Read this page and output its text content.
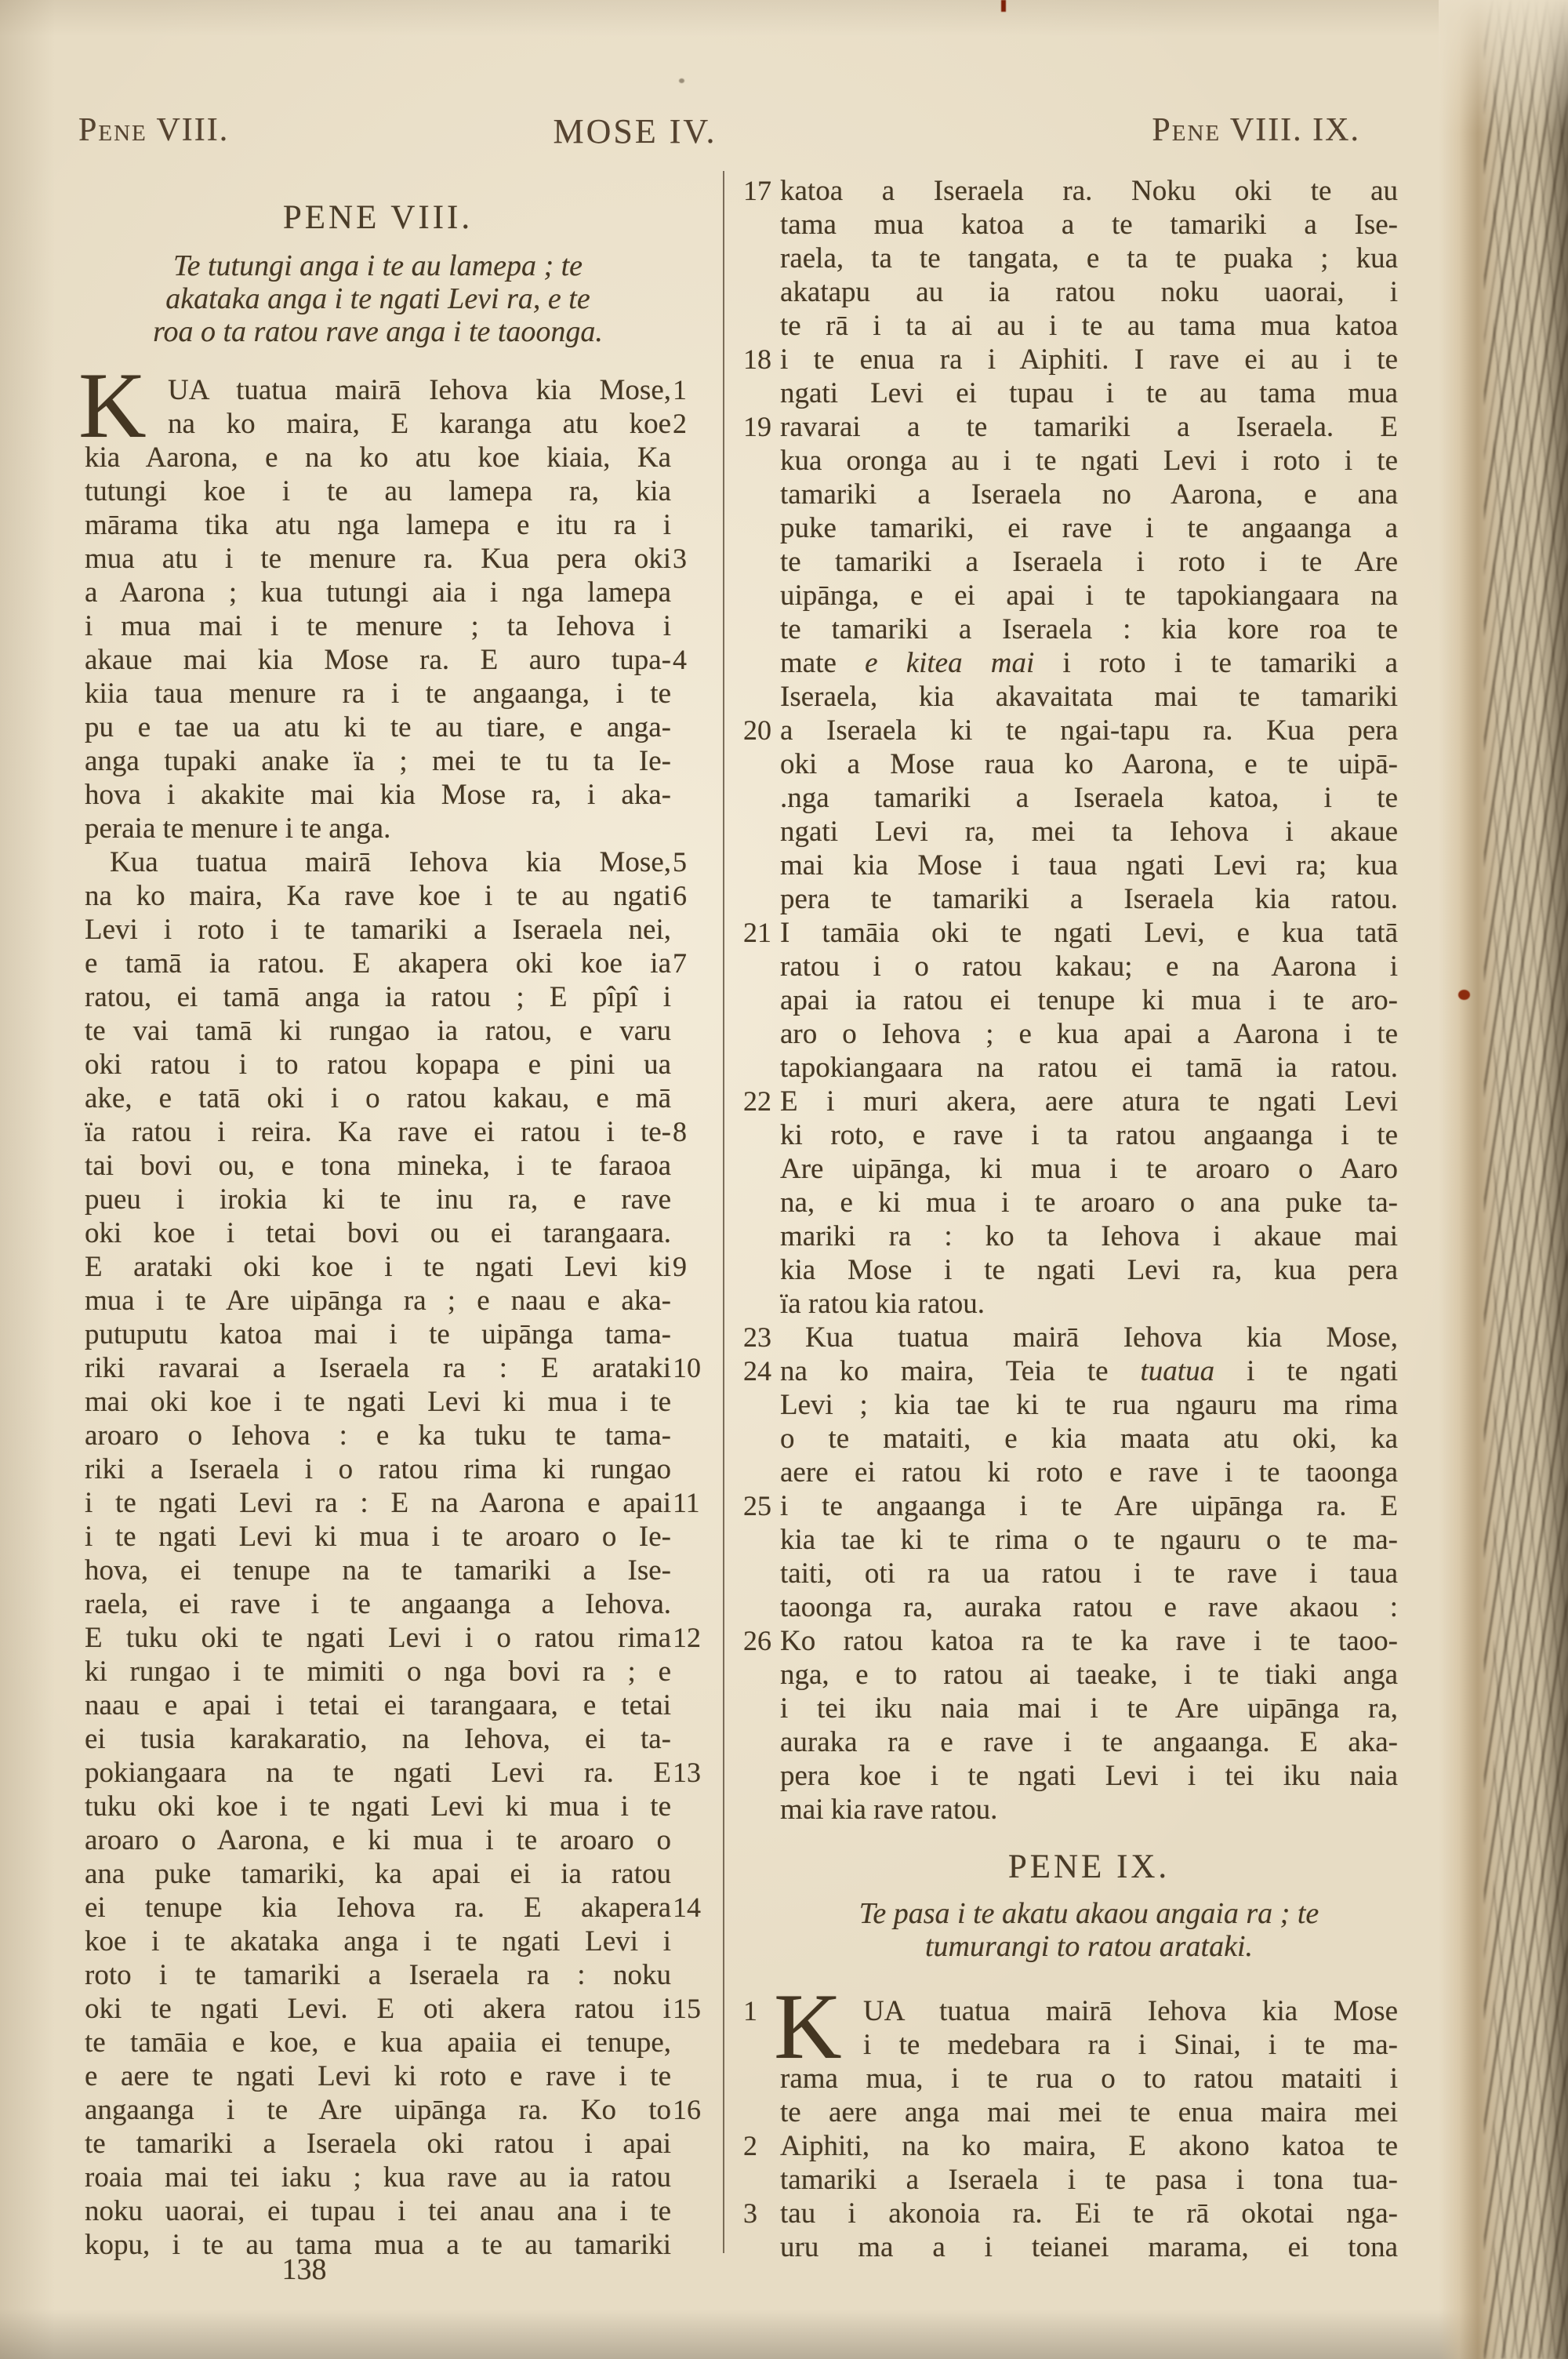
Pene VIII.	MOSE IV.	Pene VIII. IX.
PENE VIII.
Te tutungi anga i te au lamepa ; te
akataka anga i te ngati Levi ra, e te
roa o ta ratou rave anga i te taoonga.
1
K UA tuatua mairā Iehova kia Mose,
2
na ko maira, E karanga atu koe
kia Aarona, e na ko atu koe kiaia, Ka
tutungi koe i te au lamepa ra, kia
mārama tika atu nga lamepa e itu ra i
3
mua atu i te menure ra. Kua pera oki
a Aarona ; kua tutungi aia i nga lamepa
i mua mai i te menure ; ta Iehova i
4
akaue mai kia Mose ra. E auro tupa-
kiia taua menure ra i te angaanga, i te
pu e tae ua atu ki te au tiare, e anga-
anga tupaki anake ïa ; mei te tu ta Ie-
hova i akakite mai kia Mose ra, i aka-
peraia te menure i te anga.
5
Kua tuatua mairā Iehova kia Mose,
6
na ko maira, Ka rave koe i te au ngati
Levi i roto i te tamariki a Iseraela nei,
7
e tamā ia ratou. E akapera oki koe ia
ratou, ei tamā anga ia ratou ; E pîpî i
te vai tamā ki rungao ia ratou, e varu
oki ratou i to ratou kopapa e pini ua
ake, e tatā oki i o ratou kakau, e mā
8
ïa ratou i reira. Ka rave ei ratou i te-
tai bovi ou, e tona mineka, i te faraoa
pueu i irokia ki te inu ra, e rave
oki koe i tetai bovi ou ei tarangaara.
9
E arataki oki koe i te ngati Levi ki
mua i te Are uipānga ra ; e naau e aka-
putuputu katoa mai i te uipānga tama-
10
riki ravarai a Iseraela ra : E arataki
mai oki koe i te ngati Levi ki mua i te
aroaro o Iehova : e ka tuku te tama-
riki a Iseraela i o ratou rima ki rungao
11
i te ngati Levi ra : E na Aarona e apai
i te ngati Levi ki mua i te aroaro o Ie-
hova, ei tenupe na te tamariki a Ise-
raela, ei rave i te angaanga a Iehova.
12
E tuku oki te ngati Levi i o ratou rima
ki rungao i te mimiti o nga bovi ra ; e
naau e apai i tetai ei tarangaara, e tetai
ei tusia karakaratio, na Iehova, ei ta-
13
pokiangaara na te ngati Levi ra. E
tuku oki koe i te ngati Levi ki mua i te
aroaro o Aarona, e ki mua i te aroaro o
ana puke tamariki, ka apai ei ia ratou
14
ei tenupe kia Iehova ra. E akapera
koe i te akataka anga i te ngati Levi i
roto i te tamariki a Iseraela ra : noku
15
oki te ngati Levi. E oti akera ratou i
te tamāia e koe, e kua apaiia ei tenupe,
e aere te ngati Levi ki roto e rave i te
16
angaanga i te Are uipānga ra. Ko to
te tamariki a Iseraela oki ratou i apai
roaia mai tei iaku ; kua rave au ia ratou
noku uaorai, ei tupau i tei anau ana i te
kopu, i te au tama mua a te au tamariki
17 katoa a Iseraela ra. Noku oki te au
tama mua katoa a te tamariki a Ise-
raela, ta te tangata, e ta te puaka ; kua
akatapu au ia ratou noku uaorai, i
te rā i ta ai au i te au tama mua katoa
18 i te enua ra i Aiphiti. I rave ei au i te
ngati Levi ei tupau i te au tama mua
19 ravarai a te tamariki a Iseraela. E
kua oronga au i te ngati Levi i roto i te
tamariki a Iseraela no Aarona, e ana
puke tamariki, ei rave i te angaanga a
te tamariki a Iseraela i roto i te Are
uipānga, e ei apai i te tapokiangaara na
te tamariki a Iseraela : kia kore roa te
mate e kitea mai i roto i te tamariki a
Iseraela, kia akavaitata mai te tamariki
20 a Iseraela ki te ngai-tapu ra. Kua pera
oki a Mose raua ko Aarona, e te uipā-
.nga tamariki a Iseraela katoa, i te
ngati Levi ra, mei ta Iehova i akaue
mai kia Mose i taua ngati Levi ra; kua
pera te tamariki a Iseraela kia ratou.
21 I tamāia oki te ngati Levi, e kua tatā
ratou i o ratou kakau; e na Aarona i
apai ia ratou ei tenupe ki mua i te aro-
aro o Iehova ; e kua apai a Aarona i te
tapokiangaara na ratou ei tamā ia ratou.
22 E i muri akera, aere atura te ngati Levi
ki roto, e rave i ta ratou angaanga i te
Are uipānga, ki mua i te aroaro o Aaro
na, e ki mua i te aroaro o ana puke ta-
mariki ra : ko ta Iehova i akaue mai
kia Mose i te ngati Levi ra, kua pera
ïa ratou kia ratou.
23 Kua tuatua mairā Iehova kia Mose,
24 na ko maira, Teia te tuatua i te ngati
Levi ; kia tae ki te rua ngauru ma rima
o te mataiti, e kia maata atu oki, ka
aere ei ratou ki roto e rave i te taoonga
25 i te angaanga i te Are uipānga ra. E
kia tae ki te rima o te ngauru o te ma-
taiti, oti ra ua ratou i te rave i taua
taoonga ra, auraka ratou e rave akaou :
26 Ko ratou katoa ra te ka rave i te taoo-
nga, e to ratou ai taeake, i te tiaki anga
i tei iku naia mai i te Are uipānga ra,
auraka ra e rave i te angaanga. E aka-
pera koe i te ngati Levi i tei iku naia
mai kia rave ratou.
PENE IX.
Te pasa i te akatu akaou angaia ra ; te
tumurangi to ratou arataki.
1 K UA tuatua mairā Iehova kia Mose
i te medebara ra i Sinai, i te ma-
rama mua, i te rua o to ratou mataiti i
te aere anga mai mei te enua maira mei
2 Aiphiti, na ko maira, E akono katoa te
tamariki a Iseraela i te pasa i tona tua-
3 tau i akonoia ra. Ei te rā okotai nga-
uru ma a i teianei marama, ei tona
138
